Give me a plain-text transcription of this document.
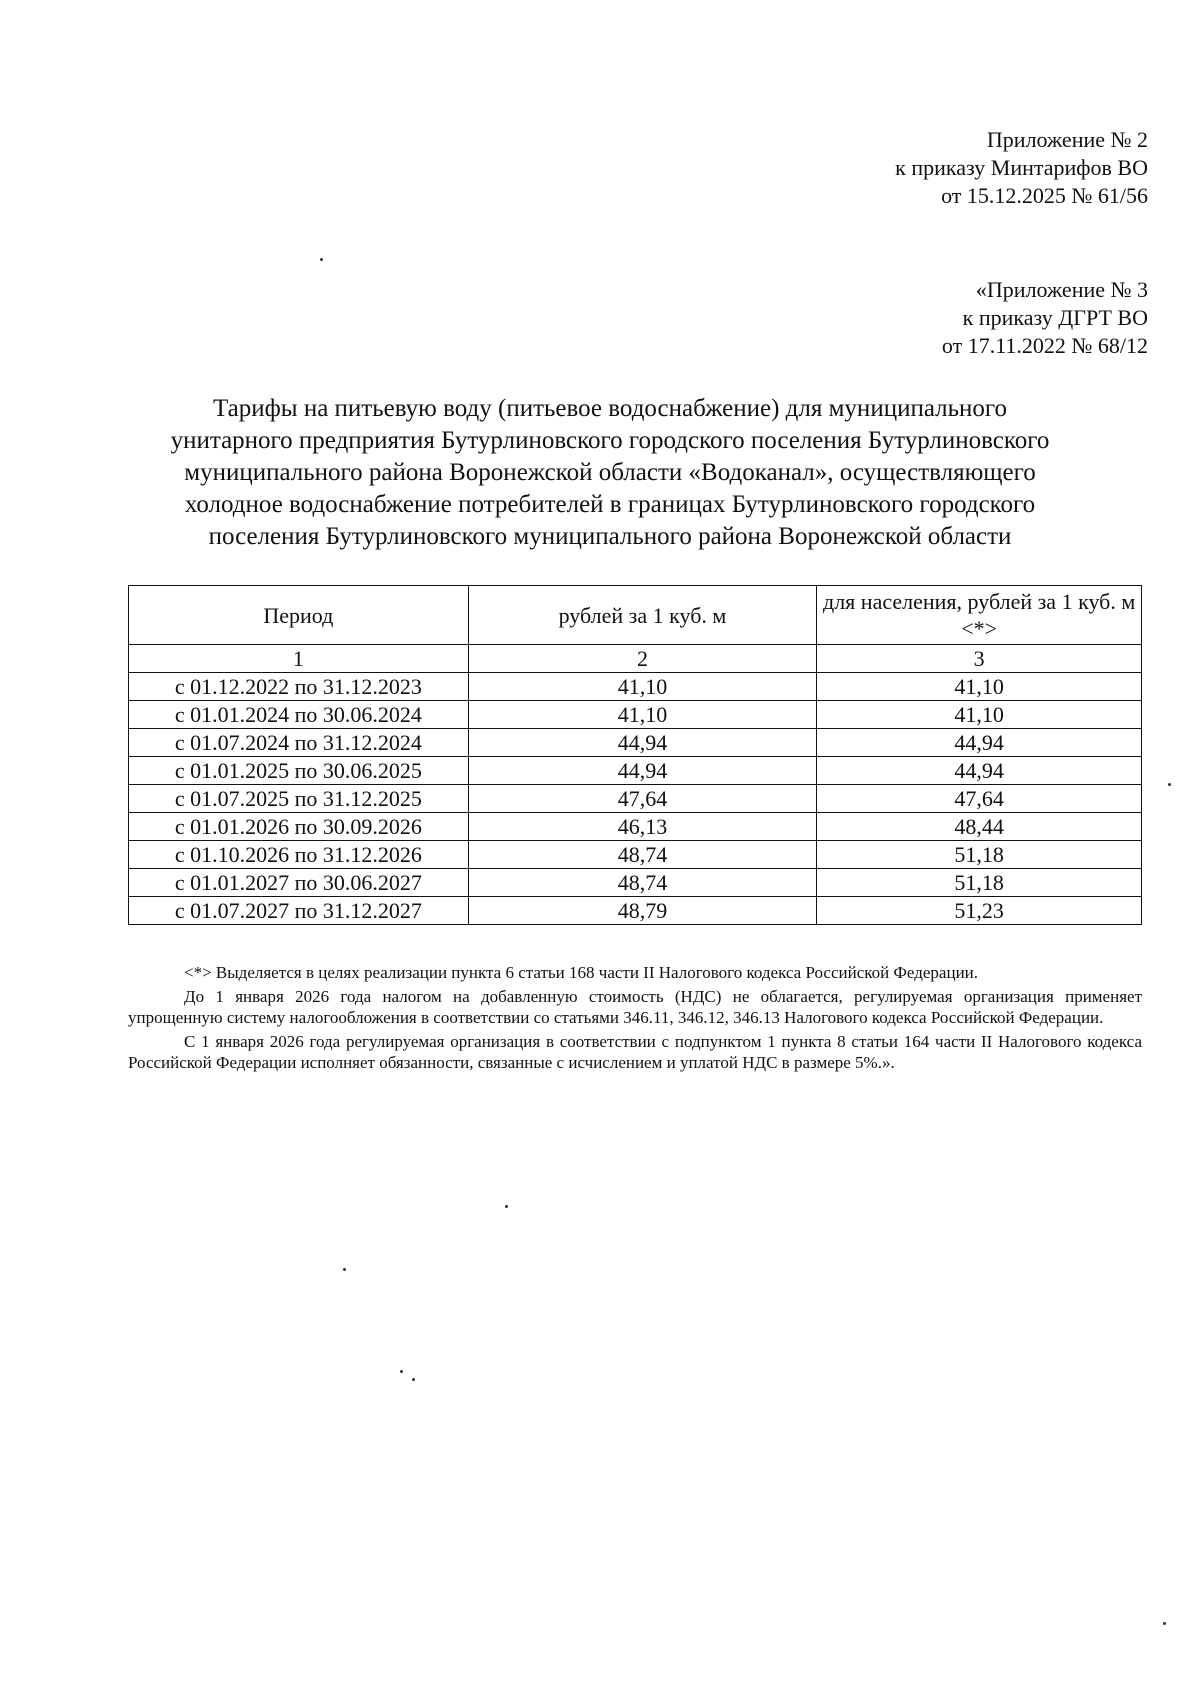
Приложение № 2
к приказу Минтарифов ВО
от 15.12.2025 № 61/56
«Приложение № 3
к приказу ДГРТ ВО
от 17.11.2022 № 68/12
Тарифы на питьевую воду (питьевое водоснабжение) для муниципального
унитарного предприятия Бутурлиновского городского поселения Бутурлиновского
муниципального района Воронежской области «Водоканал», осуществляющего
холодное водоснабжение потребителей в границах Бутурлиновского городского
поселения Бутурлиновского муниципального района Воронежской области
Период	рублей за 1 куб. м	для населения, рублей за 1 куб. м <*>
1	2	3
с 01.12.2022 по 31.12.2023	41,10	41,10
с 01.01.2024 по 30.06.2024	41,10	41,10
с 01.07.2024 по 31.12.2024	44,94	44,94
с 01.01.2025 по 30.06.2025	44,94	44,94
с 01.07.2025 по 31.12.2025	47,64	47,64
с 01.01.2026 по 30.09.2026	46,13	48,44
с 01.10.2026 по 31.12.2026	48,74	51,18
с 01.01.2027 по 30.06.2027	48,74	51,18
с 01.07.2027 по 31.12.2027	48,79	51,23

<*> Выделяется в целях реализации пункта 6 статьи 168 части II Налогового кодекса Российской Федерации.

До 1 января 2026 года налогом на добавленную стоимость (НДС) не облагается, регулируемая организация применяет упрощенную систему налогообложения в соответствии со статьями 346.11, 346.12, 346.13 Налогового кодекса Российской Федерации.

С 1 января 2026 года регулируемая организация в соответствии с подпунктом 1 пункта 8 статьи 164 части II Налогового кодекса Российской Федерации исполняет обязанности, связанные с исчислением и уплатой НДС в размере 5%.».
